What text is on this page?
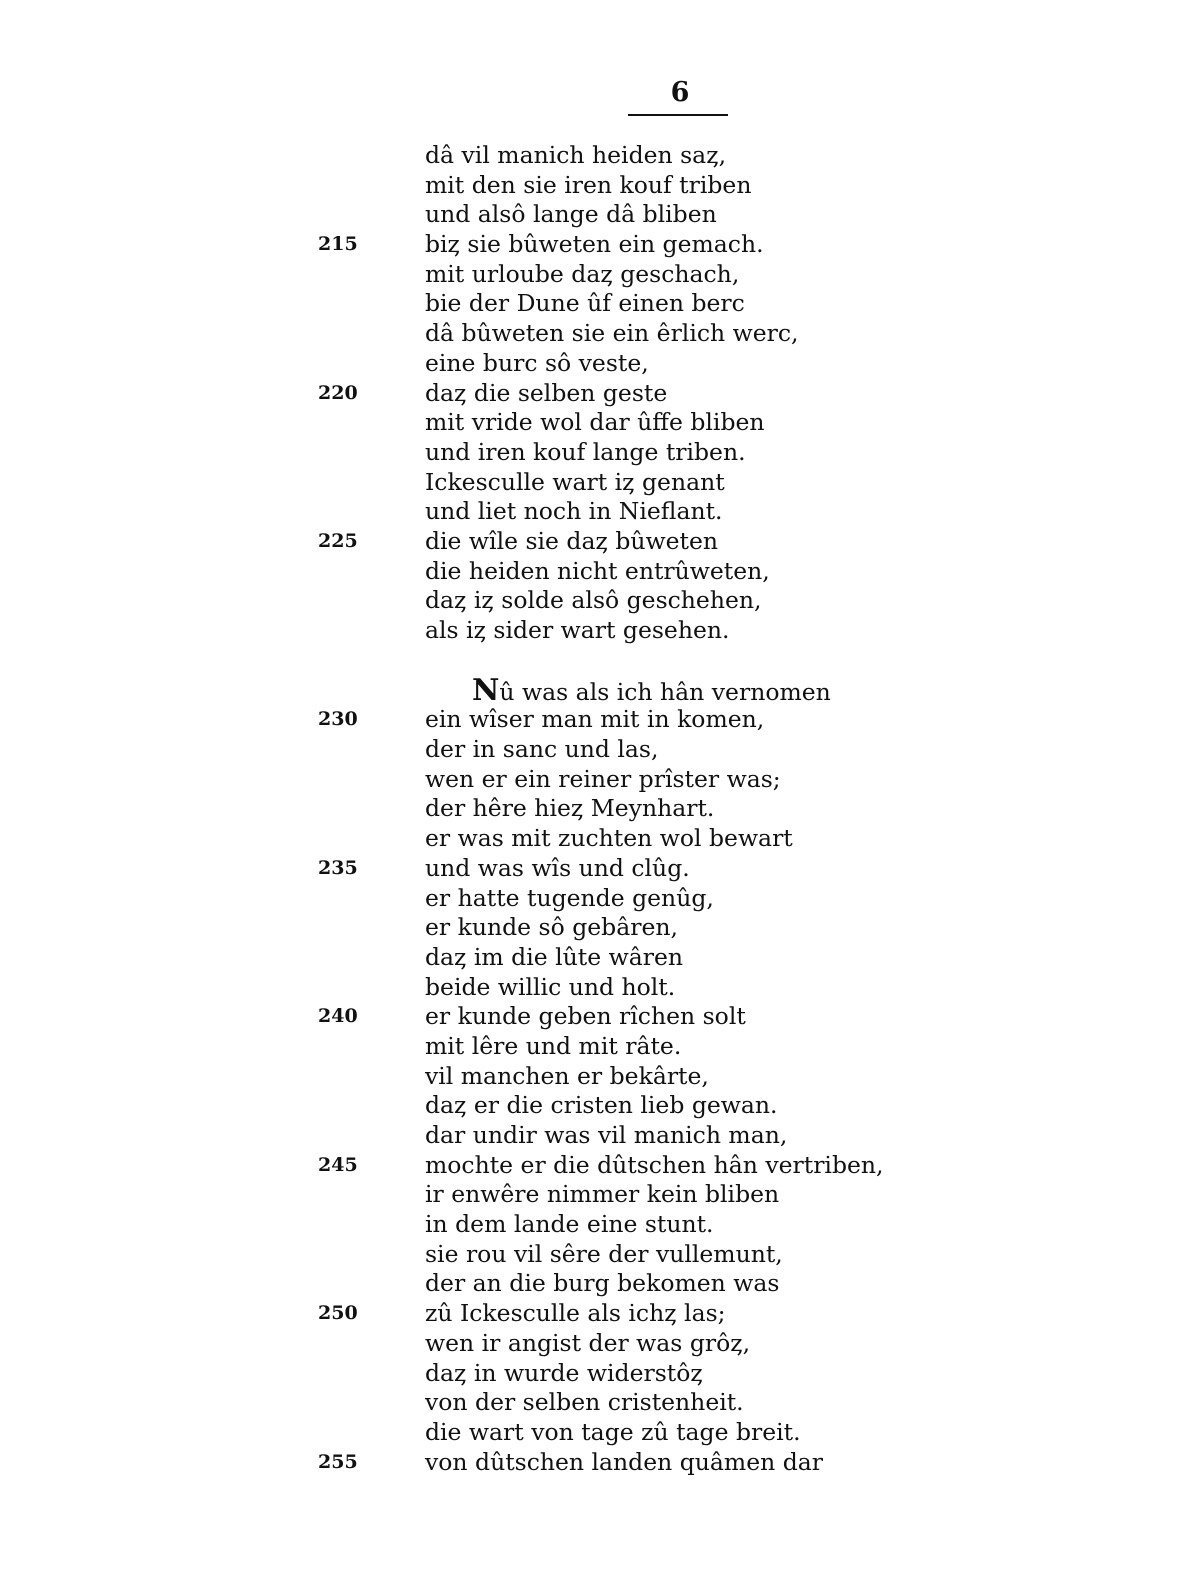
6
dâ vil manich heiden saȥ,
mit den sie iren kouf triben
und alsô lange dâ bliben
215	biȥ sie bûweten ein gemach.
mit urloube daȥ geschach,
bie der Dune ûf einen berc
dâ bûweten sie ein êrlich werc,
eine burc sô veste,
220	daȥ die selben geste
mit vride wol dar ûffe bliben
und iren kouf lange triben.
Ickesculle wart iȥ genant
und liet noch in Nieflant.
225	die wîle sie daȥ bûweten
die heiden nicht entrûweten,
daȥ iȥ solde alsô geschehen,
als iȥ sider wart gesehen.
Nû was als ich hân vernomen
230	ein wîser man mit in komen,
der in sanc und las,
wen er ein reiner prîster was;
der hêre hieȥ Meynhart.
er was mit zuchten wol bewart
235	und was wîs und clûg.
er hatte tugende genûg,
er kunde sô gebâren,
daȥ im die lûte wâren
beide willic und holt.
240	er kunde geben rîchen solt
mit lêre und mit râte.
vil manchen er bekârte,
daȥ er die cristen lieb gewan.
dar undir was vil manich man,
245	mochte er die dûtschen hân vertriben,
ir enwêre nimmer kein bliben
in dem lande eine stunt.
sie rou vil sêre der vullemunt,
der an die burg bekomen was
250	zû Ickesculle als ichȥ las;
wen ir angist der was grôȥ,
daȥ in wurde widerstôȥ
von der selben cristenheit.
die wart von tage zû tage breit.
255	von dûtschen landen quâmen dar
